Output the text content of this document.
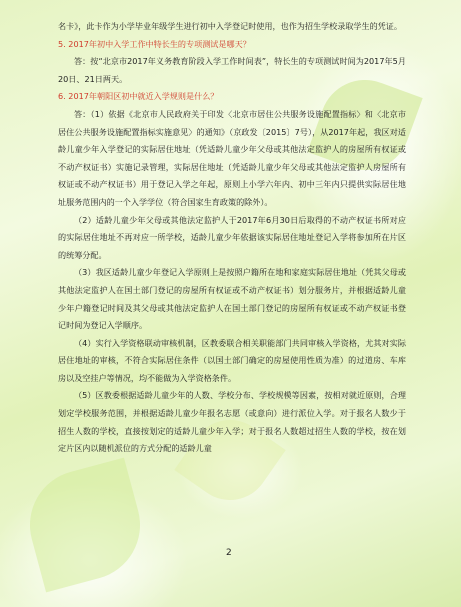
名卡》，此卡作为小学毕业年级学生进行初中入学登记时使用，也作为招生学校录取学生的凭证。

5. 2017年初中入学工作中特长生的专项测试是哪天？

答：按“北京市2017年义务教育阶段入学工作时间表”，特长生的专项测试时间为2017年5月20日、21日两天。

6. 2017年朝阳区初中就近入学规则是什么？

答：（1）依据《北京市人民政府关于印发〈北京市居住公共服务设施配置指标〉和〈北京市居住公共服务设施配置指标实施意见〉的通知》（京政发〔2015〕7号），从2017年起，我区对适龄儿童少年入学登记的实际居住地址（凭适龄儿童少年父母或其他法定监护人的房屋所有权证或不动产权证书）实施记录管理，实际居住地址（凭适龄儿童少年父母或其他法定监护人房屋所有权证或不动产权证书）用于登记入学之年起，原则上小学六年内、初中三年内只提供实际居住地址服务范围内的一个入学学位（符合国家生育政策的除外）。

（2）适龄儿童少年父母或其他法定监护人于2017年6月30日后取得的不动产权证书所对应的实际居住地址不再对应一所学校，适龄儿童少年依据该实际居住地址登记入学将参加所在片区的统筹分配。

（3）我区适龄儿童少年登记入学原则上是按照户籍所在地和家庭实际居住地址（凭其父母或其他法定监护人在国土部门登记的房屋所有权证或不动产权证书）划分服务片，并根据适龄儿童少年户籍登记时间及其父母或其他法定监护人在国土部门登记的房屋所有权证或不动产权证书登记时间为登记入学顺序。

（4）实行入学资格联动审核机制，区教委联合相关职能部门共同审核入学资格，尤其对实际居住地址的审核，不符合实际居住条件（以国土部门确定的房屋使用性质为准）的过道房、车库房以及空挂户等情况，均不能做为入学资格条件。

（5）区教委根据适龄儿童少年的人数、学校分布、学校规模等因素，按相对就近原则，合理划定学校服务范围，并根据适龄儿童少年报名志愿（或意向）进行派位入学。对于报名人数少于招生人数的学校，直接按划定的适龄儿童少年入学；对于报名人数超过招生人数的学校，按在划定片区内以随机派位的方式分配的适龄儿童

2
